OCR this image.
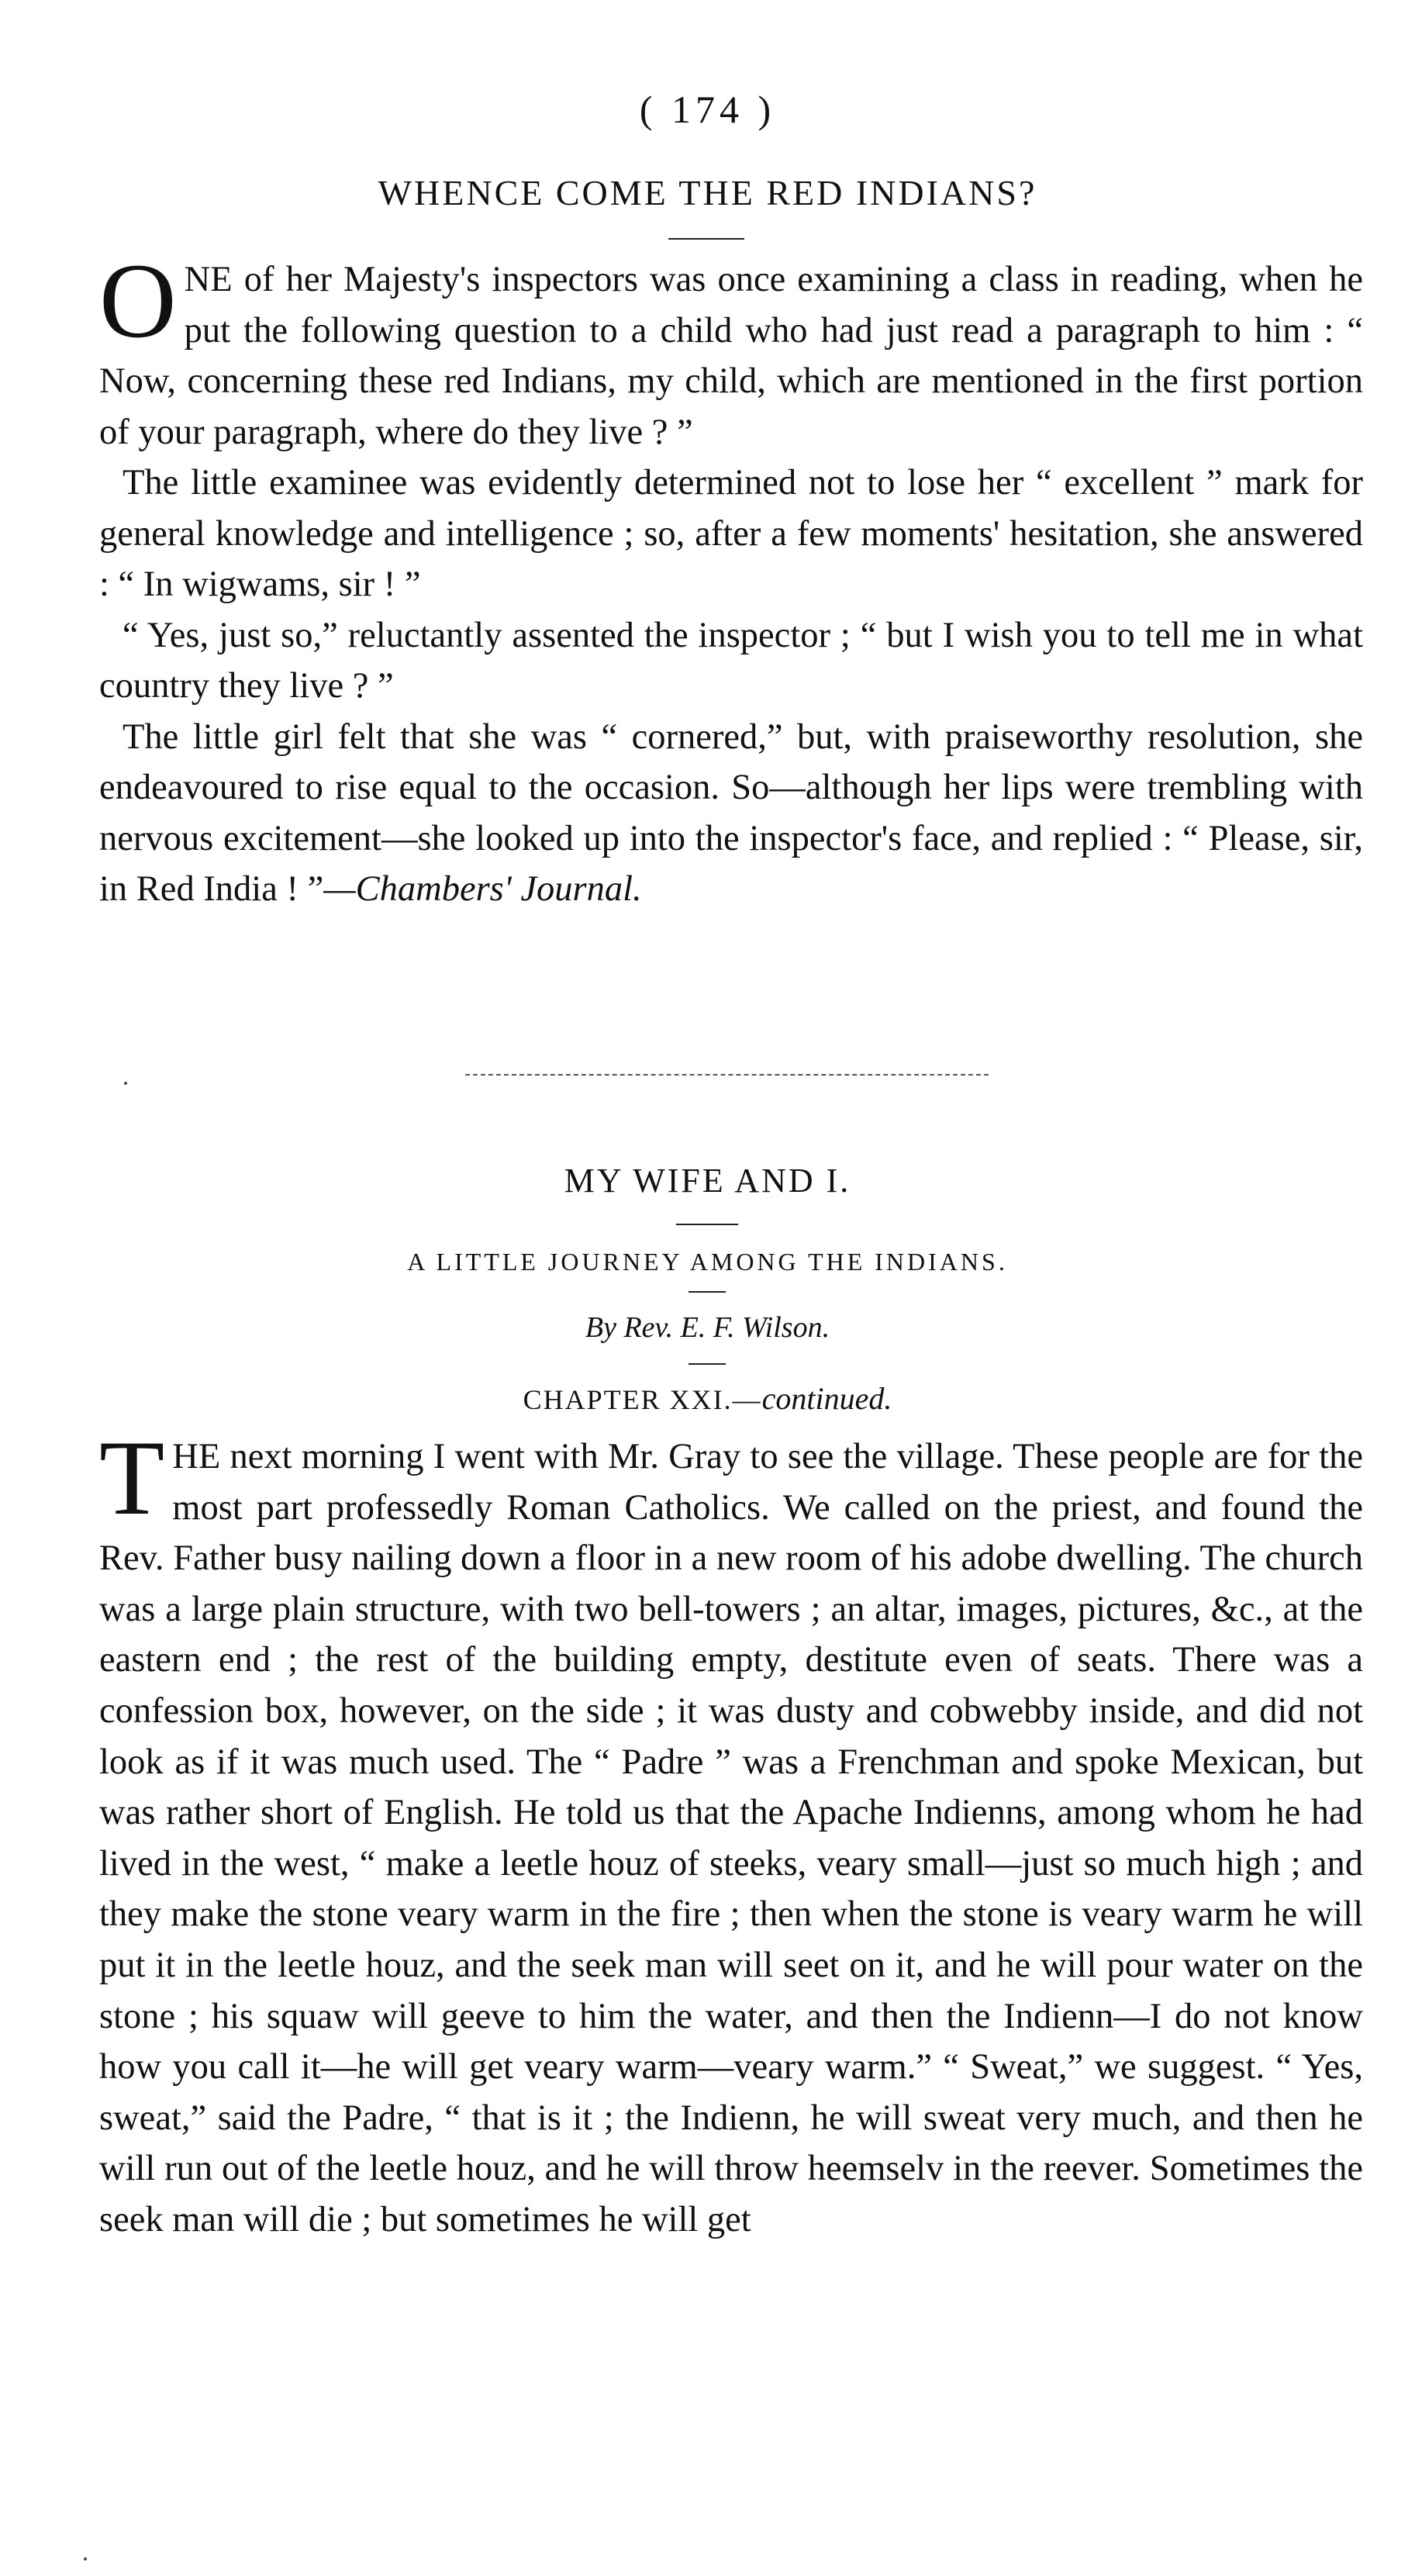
( 174 )
WHENCE COME THE RED INDIANS?

ONE of her Majesty's inspectors was once examining a class in reading, when he put the following question to a child who had just read a paragraph to him : “ Now, concerning these red Indians, my child, which are mentioned in the first portion of your paragraph, where do they live ? ”

The little examinee was evidently determined not to lose her “ excellent ” mark for general knowledge and intelligence ; so, after a few moments' hesitation, she answered : “ In wigwams, sir ! ”

“ Yes, just so,” reluctantly assented the inspector ; “ but I wish you to tell me in what country they live ? ”

The little girl felt that she was “ cornered,” but, with praiseworthy resolution, she endeavoured to rise equal to the occasion. So—although her lips were trembling with nervous excitement—she looked up into the inspector's face, and replied : “ Please, sir, in Red India ! ”—Chambers' Journal.

MY WIFE AND I.
A LITTLE JOURNEY AMONG THE INDIANS.
By Rev. E. F. Wilson.
CHAPTER XXI.—continued.

THE next morning I went with Mr. Gray to see the village. These people are for the most part professedly Roman Catholics. We called on the priest, and found the Rev. Father busy nailing down a floor in a new room of his adobe dwelling. The church was a large plain structure, with two bell-towers ; an altar, images, pictures, &c., at the eastern end ; the rest of the building empty, destitute even of seats. There was a confession box, however, on the side ; it was dusty and cobwebby inside, and did not look as if it was much used. The “ Padre ” was a Frenchman and spoke Mexican, but was rather short of English. He told us that the Apache Indienns, among whom he had lived in the west, “ make a leetle houz of steeks, veary small—just so much high ; and they make the stone veary warm in the fire ; then when the stone is veary warm he will put it in the leetle houz, and the seek man will seet on it, and he will pour water on the stone ; his squaw will geeve to him the water, and then the Indienn—I do not know how you call it—he will get veary warm—veary warm.” “ Sweat,” we suggest. “ Yes, sweat,” said the Padre, “ that is it ; the Indienn, he will sweat very much, and then he will run out of the leetle houz, and he will throw heemselv in the reever. Sometimes the seek man will die ; but sometimes he will get
